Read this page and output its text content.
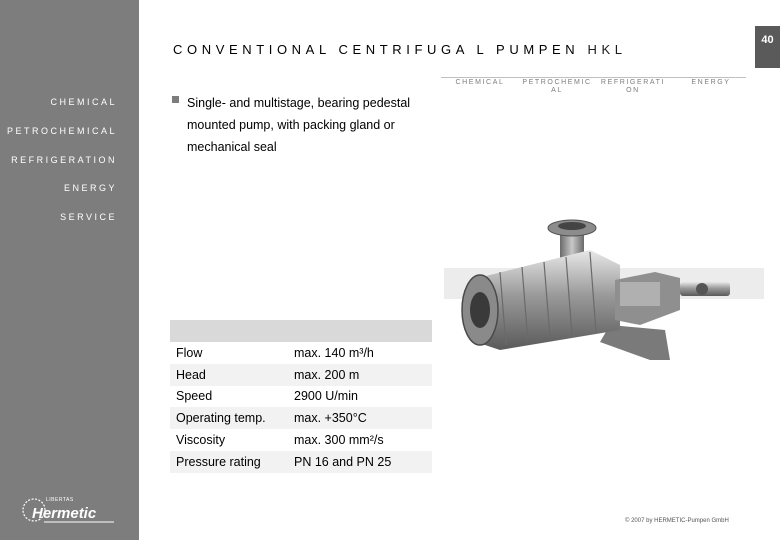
CHEMICAL
PETROCHEMICAL
REFRIGERATION
ENERGY
SERVICE
LIBERTAS
Hermetic
40
CONVENTIONAL CENTRIFUGA L PUMPEN HKL
CHEMICAL	PETROCHEMIC AL
REFRIGERATI ON
ENERGY
Single- and multistage, bearing pedestal mounted pump, with packing gland or mechanical seal
Flow	max. 140 m³/h
Head	max. 200 m
Speed	2900 U/min
Operating temp.	max. +350°C
Viscosity	max. 300 mm²/s
Pressure rating	PN 16 and PN 25
© 2007 by HERMETIC-Pumpen GmbH
